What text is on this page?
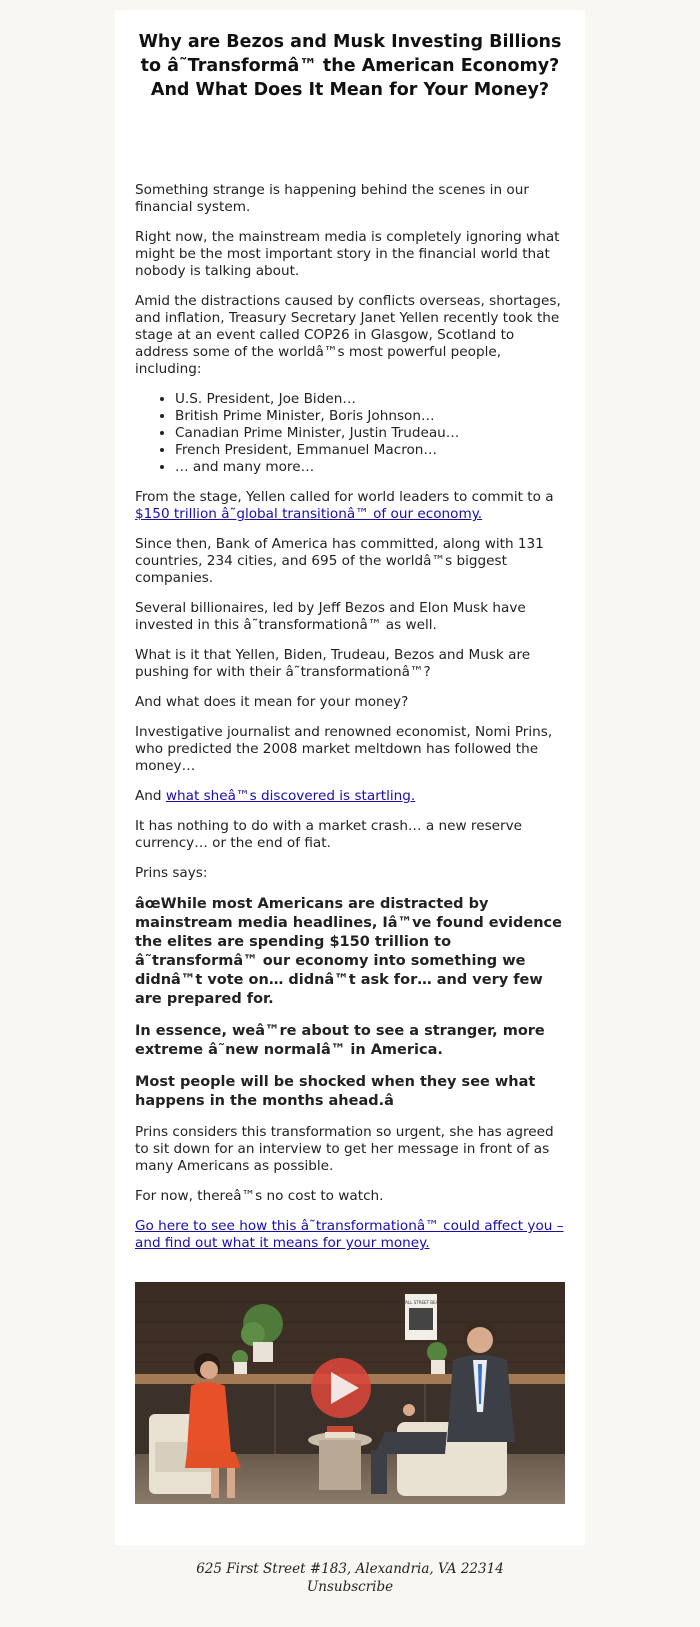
Why are Bezos and Musk Investing Billions to â˜Transformâ™ the American Economy? And What Does It Mean for Your Money?

Something strange is happening behind the scenes in our financial system.

Right now, the mainstream media is completely ignoring what might be the most important story in the financial world that nobody is talking about.

Amid the distractions caused by conflicts overseas, shortages, and inflation, Treasury Secretary Janet Yellen recently took the stage at an event called COP26 in Glasgow, Scotland to address some of the worldâ™s most powerful people, including:

• U.S. President, Joe Biden…
• British Prime Minister, Boris Johnson…
• Canadian Prime Minister, Justin Trudeau…
• French President, Emmanuel Macron…
• … and many more…

From the stage, Yellen called for world leaders to commit to a $150 trillion â˜global transitionâ™ of our economy.

Since then, Bank of America has committed, along with 131 countries, 234 cities, and 695 of the worldâ™s biggest companies.

Several billionaires, led by Jeff Bezos and Elon Musk have invested in this â˜transformationâ™ as well.

What is it that Yellen, Biden, Trudeau, Bezos and Musk are pushing for with their â˜transformationâ™?

And what does it mean for your money?

Investigative journalist and renowned economist, Nomi Prins, who predicted the 2008 market meltdown has followed the money…

And what sheâ™s discovered is startling.

It has nothing to do with a market crash… a new reserve currency… or the end of fiat.

Prins says:

âœWhile most Americans are distracted by mainstream media headlines, Iâ™ve found evidence the elites are spending $150 trillion to â˜transformâ™ our economy into something we didnâ™t vote on… didnâ™t ask for… and very few are prepared for.

In essence, weâ™re about to see a stranger, more extreme â˜new normalâ™ in America.

Most people will be shocked when they see what happens in the months ahead.â

Prins considers this transformation so urgent, she has agreed to sit down for an interview to get her message in front of as many Americans as possible.

For now, thereâ™s no cost to watch.

Go here to see how this â˜transformationâ™ could affect you – and find out what it means for your money.

WALL STREET BEAT
625 First Street #183, Alexandria, VA 22314
Unsubscribe
